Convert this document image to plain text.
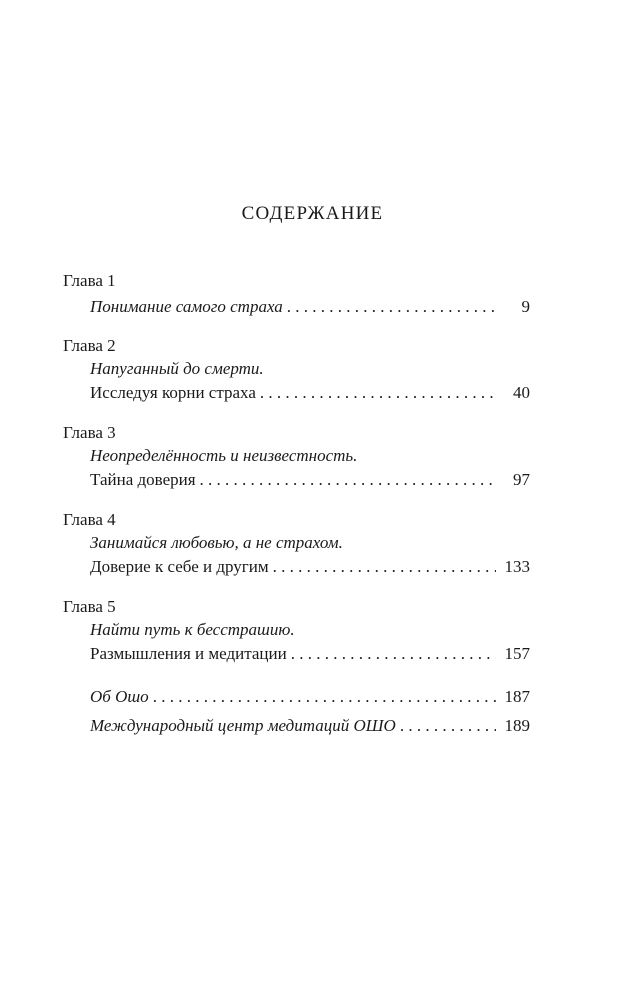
СОДЕРЖАНИЕ
Глава 1
Понимание самого страха . . .	9
Глава 2
Напуганный до смерти.
Исследуя корни страха . . .	40
Глава 3
Неопределённость и неизвестность.
Тайна доверия . . .	97
Глава 4
Занимайся любовью, а не страхом.
Доверие к себе и другим . . .	133
Глава 5
Найти путь к бесстрашию.
Размышления и медитации . . .	157
Об Ошо . . .	187
Международный центр медитаций ОШО . . .	189
